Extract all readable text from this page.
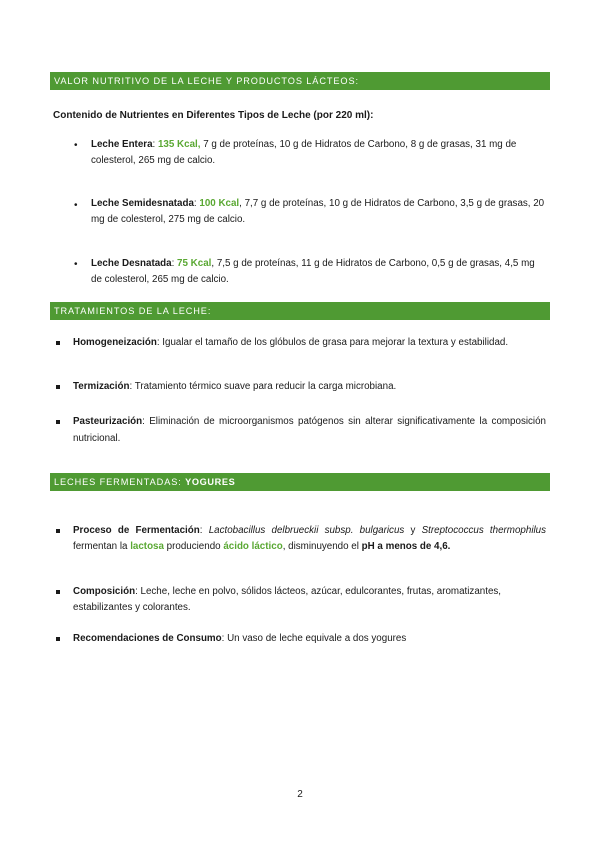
VALOR NUTRITIVO DE LA LECHE Y PRODUCTOS LÁCTEOS:
Contenido de Nutrientes en Diferentes Tipos de Leche (por 220 ml):
• Leche Entera: 135 Kcal, 7 g de proteínas, 10 g de Hidratos de Carbono, 8 g de grasas, 31 mg de colesterol, 265 mg de calcio.
• Leche Semidesnatada: 100 Kcal, 7,7 g de proteínas, 10 g de Hidratos de Carbono, 3,5 g de grasas, 20 mg de colesterol, 275 mg de calcio.
• Leche Desnatada: 75 Kcal, 7,5 g de proteínas, 11 g de Hidratos de Carbono, 0,5 g de grasas, 4,5 mg de colesterol, 265 mg de calcio.
TRATAMIENTOS DE LA LECHE:
Homogeneización: Igualar el tamaño de los glóbulos de grasa para mejorar la textura y estabilidad.
Termización: Tratamiento térmico suave para reducir la carga microbiana.
Pasteurización: Eliminación de microorganismos patógenos sin alterar significativamente la composición nutricional.
LECHES FERMENTADAS: YOGURES
Proceso de Fermentación: Lactobacillus delbrueckii subsp. bulgaricus y Streptococcus thermophilus fermentan la lactosa produciendo ácido láctico, disminuyendo el pH a menos de 4,6.
Composición: Leche, leche en polvo, sólidos lácteos, azúcar, edulcorantes, frutas, aromatizantes, estabilizantes y colorantes.
Recomendaciones de Consumo: Un vaso de leche equivale a dos yogures
2
